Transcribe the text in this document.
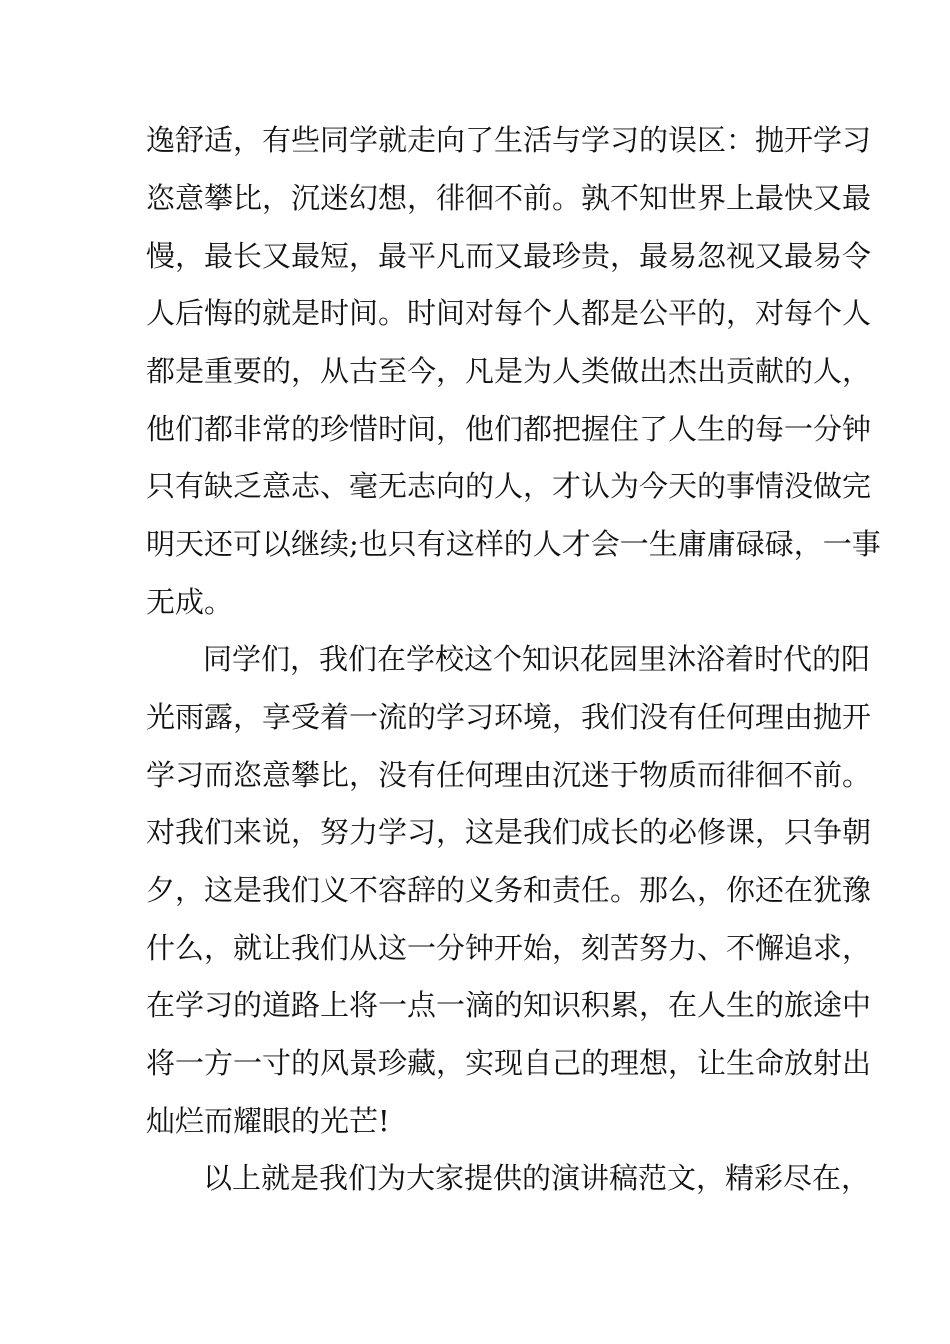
逸舒适，有些同学就走向了生活与学习的误区：抛开学习
恣意攀比，沉迷幻想，徘徊不前。孰不知世界上最快又最
慢，最长又最短，最平凡而又最珍贵，最易忽视又最易令
人后悔的就是时间。时间对每个人都是公平的，对每个人
都是重要的，从古至今，凡是为人类做出杰出贡献的人，
他们都非常的珍惜时间，他们都把握住了人生的每一分钟
只有缺乏意志、毫无志向的人，才认为今天的事情没做完
明天还可以继续;也只有这样的人才会一生庸庸碌碌，一事
无成。
同学们，我们在学校这个知识花园里沐浴着时代的阳
光雨露，享受着一流的学习环境，我们没有任何理由抛开
学习而恣意攀比，没有任何理由沉迷于物质而徘徊不前。
对我们来说，努力学习，这是我们成长的必修课，只争朝
夕，这是我们义不容辞的义务和责任。那么，你还在犹豫
什么，就让我们从这一分钟开始，刻苦努力、不懈追求，
在学习的道路上将一点一滴的知识积累，在人生的旅途中
将一方一寸的风景珍藏，实现自己的理想，让生命放射出
灿烂而耀眼的光芒!
以上就是我们为大家提供的演讲稿范文，精彩尽在，
